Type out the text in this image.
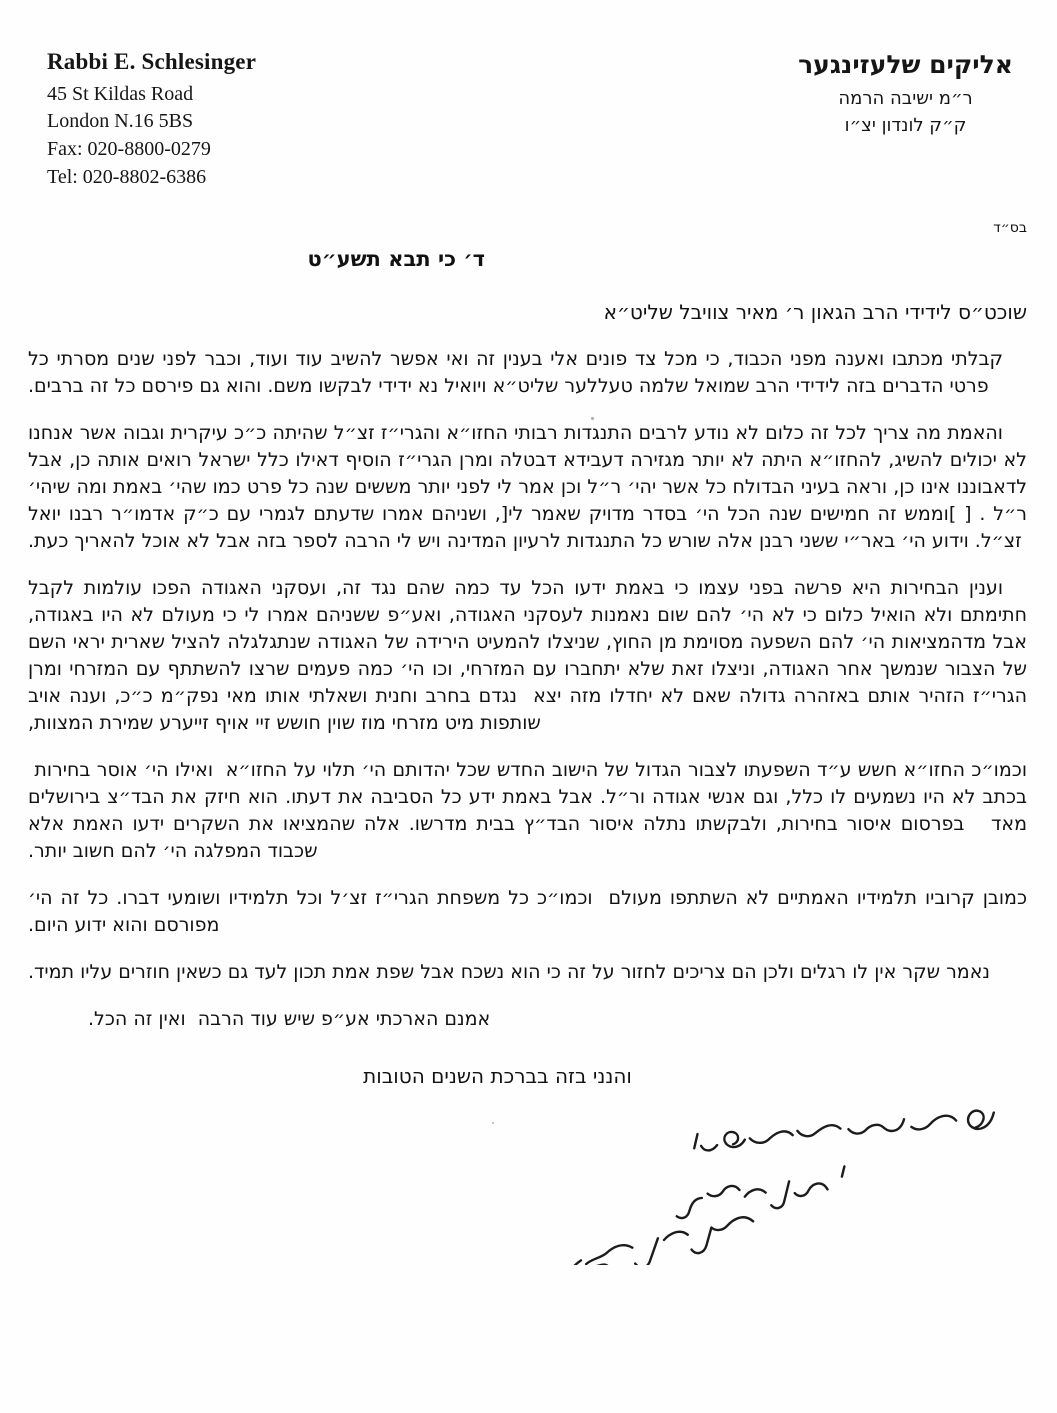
Rabbi E. Schlesinger
45 St Kildas Road
London N.16 5BS
Fax: 020-8800-0279
Tel: 020-8802-6386
אליקים שלעזינגער
ר״מ ישיבה הרמה
ק״ק לונדון יצ״ו
בס״ד
ד׳ כי תבא תשע״ט
שוכט״ס לידידי הרב הגאון ר׳ מאיר צוויבל שליט״א

קבלתי מכתבו ואענה מפני הכבוד, כי מכל צד פונים אלי בענין זה ואי אפשר להשיב עוד ועוד, וכבר לפני שנים מסרתי כל פרטי הדברים בזה לידידי הרב שמואל שלמה טעללער שליט״א ויואיל נא ידידי לבקשו משם. והוא גם פירסם כל זה ברבים.

והאמת מה צריך לכל זה כלום לא נודע לרבים התנגדות רבותי החזו״א והגרי״ז זצ״ל שהיתה כ״כ עיקרית וגבוה אשר אנחנו לא יכולים להשיג, להחזו״א היתה לא יותר מגזירה דעבידא דבטלה ומרן הגרי״ז הוסיף דאילו כלל ישראל רואים אותה כן, אבל לדאבוננו אינו כן, וראה בעיני הבדולח כל אשר יהי׳ ר״ל וכן אמר לי לפני יותר מששים שנה כל פרט כמו שהי׳ באמת ומה שיהי׳ ר״ל . [ ]וממש זה חמישים שנה הכל הי׳ בסדר מדויק שאמר לי[, ושניהם אמרו שדעתם לגמרי עם כ״ק אדמו״ר רבנו יואל זצ״ל. וידוע הי׳ באר״י ששני רבנן אלה שורש כל התנגדות לרעיון המדינה ויש לי הרבה לספר בזה אבל לא אוכל להאריך כעת.

וענין הבחירות היא פרשה בפני עצמו כי באמת ידעו הכל עד כמה שהם נגד זה, ועסקני האגודה הפכו עולמות לקבל חתימתם ולא הואיל כלום כי לא הי׳ להם שום נאמנות לעסקני האגודה, ואע״פ ששניהם אמרו לי כי מעולם לא היו באגודה, אבל מדהמציאות הי׳ להם השפעה מסוימת מן החוץ, שניצלו להמעיט הירידה של האגודה שנתגלגלה להציל שארית יראי השם של הצבור שנמשך אחר האגודה, וניצלו זאת שלא יתחברו עם המזרחי, וכו הי׳ כמה פעמים שרצו להשתתף עם המזרחי ומרן הגרי״ז הזהיר אותם באזהרה גדולה שאם לא יחדלו מזה יצא  נגדם בחרב וחנית ושאלתי אותו מאי נפק״מ כ״כ, וענה אויב שותפות מיט מזרחי מוז שוין חושש זיי אויף זייערע שמירת המצוות,

וכמו״כ החזו״א חשש ע״ד השפעתו לצבור הגדול של הישוב החדש שכל יהדותם הי׳ תלוי על החזו״א  ואילו הי׳ אוסר בחירות  בכתב לא היו נשמעים לו כלל, וגם אנשי אגודה ור״ל. אבל באמת ידע כל הסביבה את דעתו. הוא חיזק את הבד״צ בירושלים מאד   בפרסום איסור בחירות, ולבקשתו נתלה איסור הבד״ץ בבית מדרשו. אלה שהמציאו את השקרים ידעו האמת אלא שכבוד המפלגה הי׳ להם חשוב יותר.

כמובן קרוביו תלמידיו האמתיים לא השתתפו מעולם  וכמו״כ כל משפחת הגרי״ז זצ׳ל וכל תלמידיו ושומעי דברו. כל זה הי׳ מפורסם והוא ידוע היום.

נאמר שקר אין לו רגלים ולכן הם צריכים לחזור על זה כי הוא נשכח אבל שפת אמת תכון לעד גם כשאין חוזרים עליו תמיד.

אמנם הארכתי אע״פ שיש עוד הרבה  ואין זה הכל.

והנני בזה בברכת השנים הטובות
